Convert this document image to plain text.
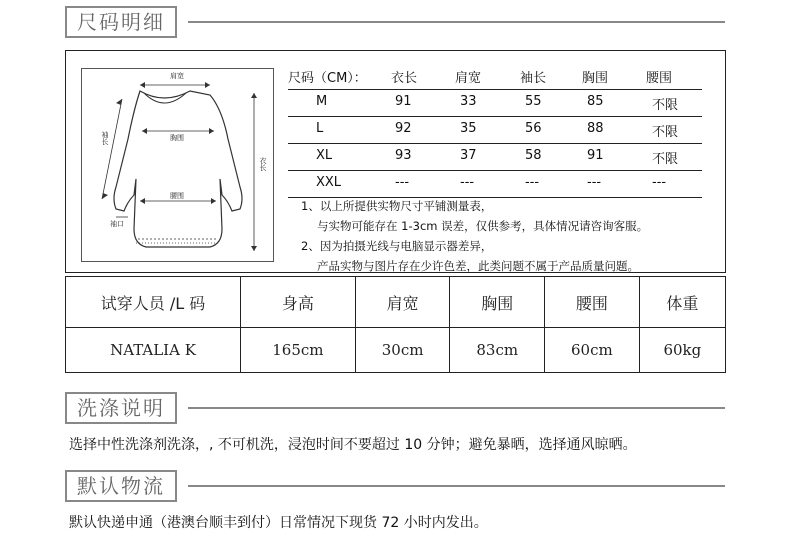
尺码明细
肩宽
胸围
腰围
衣长
袖长
袖口
尺码（CM）： 衣长	肩宽	袖长	胸围	腰围
M	91	33	55	85	不限
L	92	35	56	88	不限
XL	93	37	58	91	不限
XXL	---	---	---	---	---
1、以上所提供实物尺寸平铺测量表，
与实物可能存在 1-3cm 误差，仅供参考，具体情况请咨询客服。
2、因为拍摄光线与电脑显示器差异，
产品实物与图片存在少许色差，此类问题不属于产品质量问题。
试穿人员 /L 码	身高	肩宽	胸围	腰围	体重
NATALIA K	165cm	30cm	83cm	60cm	60kg
洗涤说明
选择中性洗涤剂洗涤，, 不可机洗，浸泡时间不要超过 10 分钟；避免暴晒，选择通风晾晒。
默认物流
默认快递申通（港澳台顺丰到付）日常情况下现货 72 小时内发出。
